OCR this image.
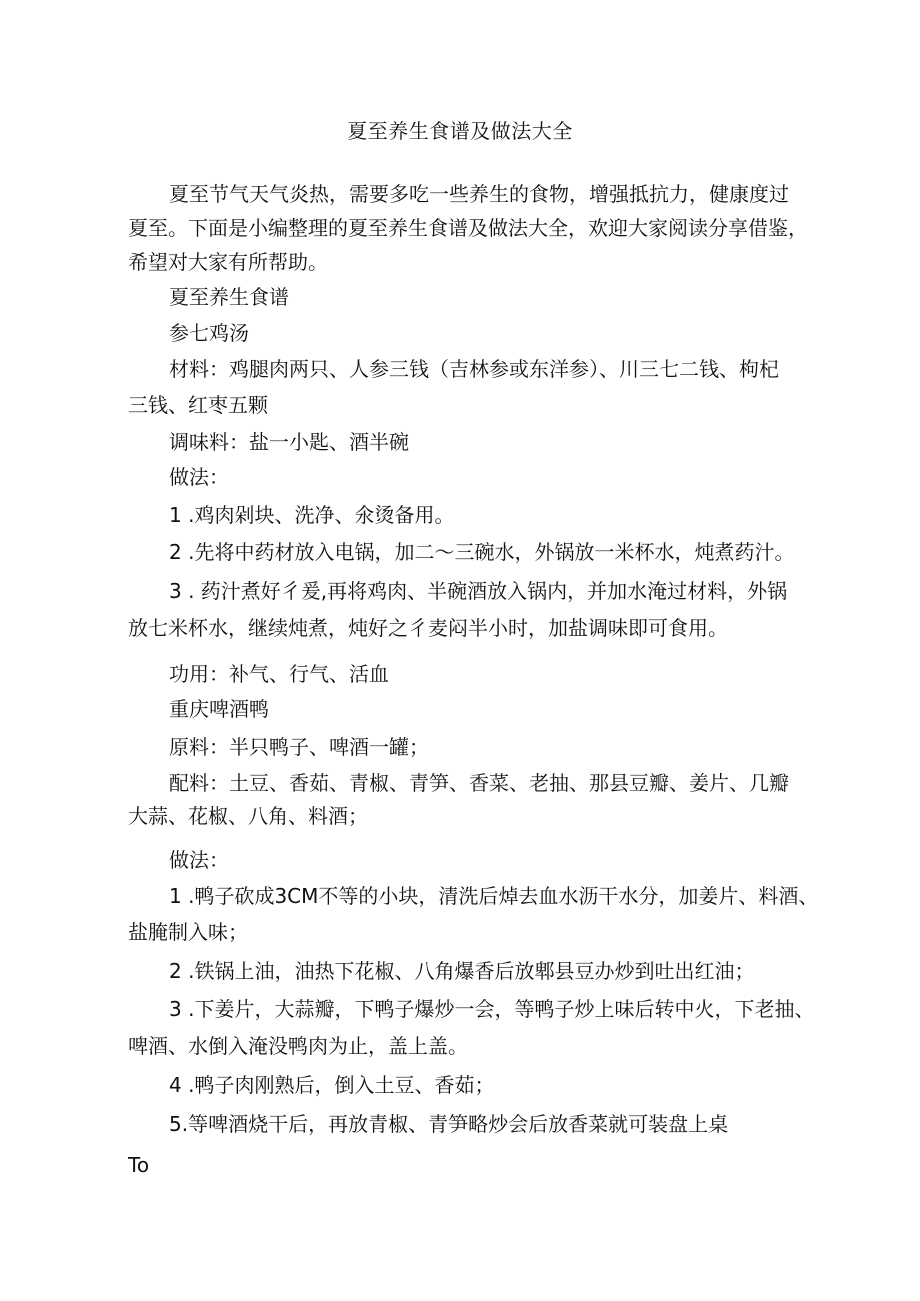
夏至养生食谱及做法大全
夏至节气天气炎热，需要多吃一些养生的食物，增强抵抗力，健康度过
夏至。下面是小编整理的夏至养生食谱及做法大全，欢迎大家阅读分享借鉴，
希望对大家有所帮助。
夏至养生食谱
参七鸡汤
材料：鸡腿肉两只、人参三钱（吉林参或东洋参）、川三七二钱、枸杞
三钱、红枣五颗
调味料：盐一小匙、酒半碗
做法：
1 .鸡肉剁块、洗净、氽烫备用。
2 .先将中药材放入电锅，加二〜三碗水，外锅放一米杯水，炖煮药汁。
3 . 药汁煮好彳爰,再将鸡肉、半碗酒放入锅内，并加水淹过材料，外锅
放七米杯水，继续炖煮，炖好之彳麦闷半小时，加盐调味即可食用。
功用：补气、行气、活血
重庆啤酒鸭
原料：半只鸭子、啤酒一罐；
配料：土豆、香茹、青椒、青笋、香菜、老抽、那县豆瓣、姜片、几瓣
大蒜、花椒、八角、料酒；
做法：
1 .鸭子砍成3CM不等的小块，清洗后焯去血水沥干水分，加姜片、料酒、
盐腌制入味；
2 .铁锅上油，油热下花椒、八角爆香后放郫县豆办炒到吐出红油；
3 .下姜片，大蒜瓣，下鸭子爆炒一会，等鸭子炒上味后转中火，下老抽、
啤酒、水倒入淹没鸭肉为止，盖上盖。
4 .鸭子肉刚熟后，倒入土豆、香茹；
5.等啤酒烧干后，再放青椒、青笋略炒会后放香菜就可装盘上桌
To
